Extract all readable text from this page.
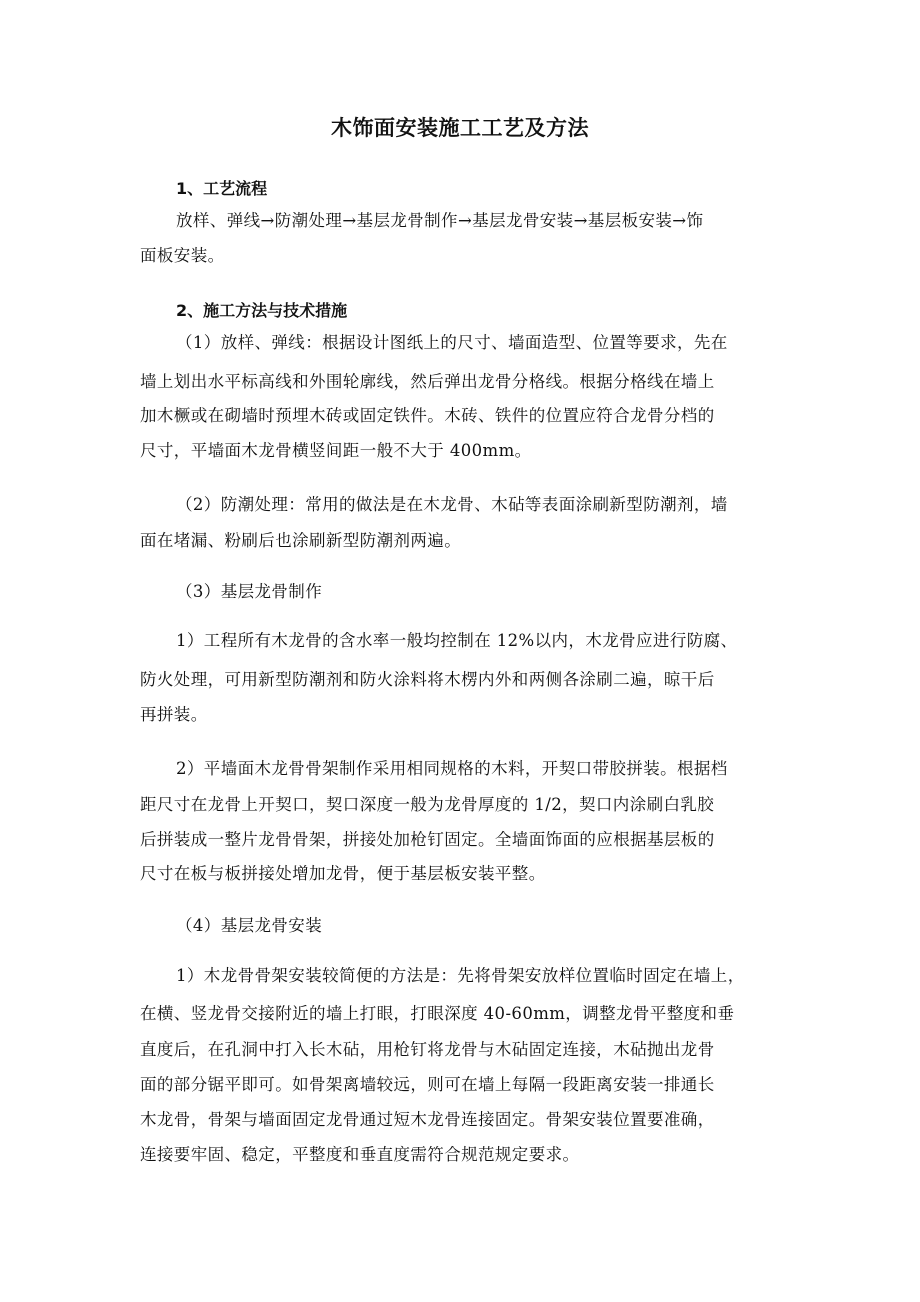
木饰面安装施工工艺及方法
1、工艺流程
放样、弹线→防潮处理→基层龙骨制作→基层龙骨安装→基层板安装→饰
面板安装。
2、施工方法与技术措施
（1）放样、弹线：根据设计图纸上的尺寸、墙面造型、位置等要求，先在
墙上划出水平标高线和外围轮廓线，然后弹出龙骨分格线。根据分格线在墙上
加木橛或在砌墙时预埋木砖或固定铁件。木砖、铁件的位置应符合龙骨分档的
尺寸，平墙面木龙骨横竖间距一般不大于 400mm。
（2）防潮处理：常用的做法是在木龙骨、木砧等表面涂刷新型防潮剂，墙
面在堵漏、粉刷后也涂刷新型防潮剂两遍。
（3）基层龙骨制作
1）工程所有木龙骨的含水率一般均控制在 12%以内，木龙骨应进行防腐、
防火处理，可用新型防潮剂和防火涂料将木楞内外和两侧各涂刷二遍，晾干后
再拼装。
2）平墙面木龙骨骨架制作采用相同规格的木料，开契口带胶拼装。根据档
距尺寸在龙骨上开契口，契口深度一般为龙骨厚度的 1/2，契口内涂刷白乳胶
后拼装成一整片龙骨骨架，拼接处加枪钉固定。全墙面饰面的应根据基层板的
尺寸在板与板拼接处增加龙骨，便于基层板安装平整。
（4）基层龙骨安装
1）木龙骨骨架安装较简便的方法是：先将骨架安放样位置临时固定在墙上，
在横、竖龙骨交接附近的墙上打眼，打眼深度 40-60mm，调整龙骨平整度和垂
直度后，在孔洞中打入长木砧，用枪钉将龙骨与木砧固定连接，木砧抛出龙骨
面的部分锯平即可。如骨架离墙较远，则可在墙上每隔一段距离安装一排通长
木龙骨，骨架与墙面固定龙骨通过短木龙骨连接固定。骨架安装位置要准确，
连接要牢固、稳定，平整度和垂直度需符合规范规定要求。
